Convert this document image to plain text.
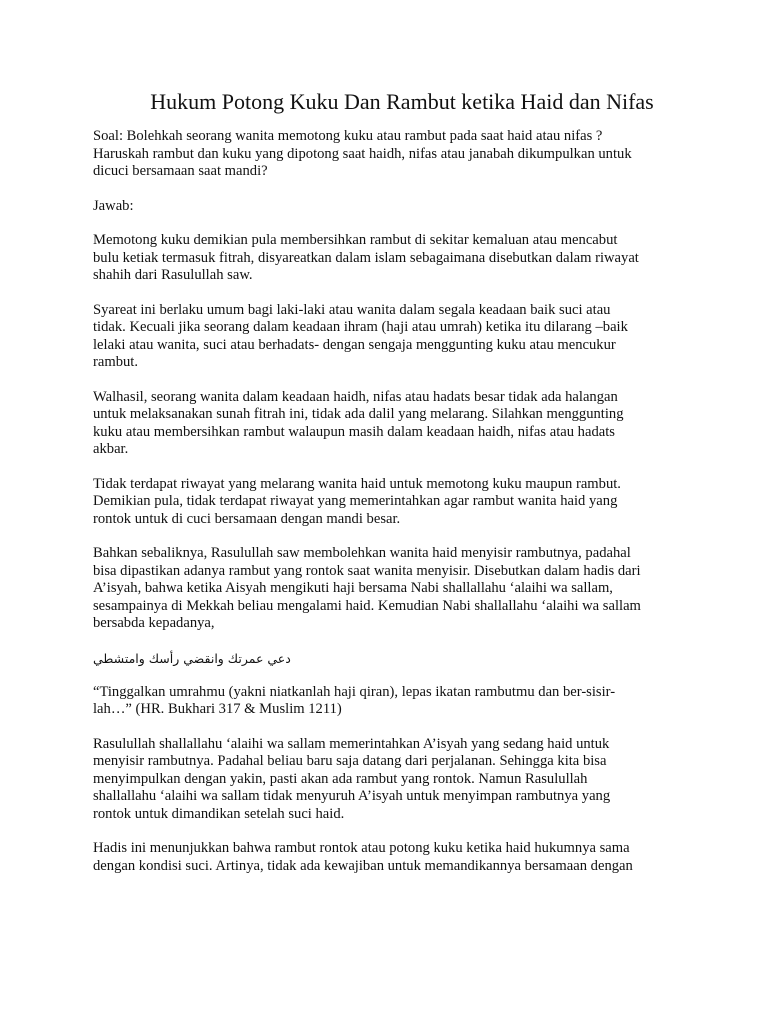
Hukum Potong Kuku Dan Rambut ketika Haid dan Nifas
Soal: Bolehkah seorang wanita memotong kuku atau rambut pada saat haid atau nifas ?
Haruskah rambut dan kuku yang dipotong saat haidh, nifas atau janabah dikumpulkan untuk
dicuci bersamaan saat mandi?
Jawab:
Memotong kuku demikian pula membersihkan rambut di sekitar kemaluan atau mencabut
bulu ketiak termasuk fitrah, disyareatkan dalam islam sebagaimana disebutkan dalam riwayat
shahih dari Rasulullah saw.
Syareat ini berlaku umum bagi laki-laki atau wanita dalam segala keadaan baik suci atau
tidak. Kecuali jika seorang dalam keadaan ihram (haji atau umrah) ketika itu dilarang –baik
lelaki atau wanita, suci atau berhadats- dengan sengaja menggunting kuku atau mencukur
rambut.
Walhasil, seorang wanita dalam keadaan haidh, nifas atau hadats besar tidak ada halangan
untuk melaksanakan sunah fitrah ini, tidak ada dalil yang melarang. Silahkan menggunting
kuku atau membersihkan rambut walaupun masih dalam keadaan haidh, nifas atau hadats
akbar.
Tidak terdapat riwayat yang melarang wanita haid untuk memotong kuku maupun rambut.
Demikian pula, tidak terdapat riwayat yang memerintahkan agar rambut wanita haid yang
rontok untuk di cuci bersamaan dengan mandi besar.
Bahkan sebaliknya, Rasulullah saw membolehkan wanita haid menyisir rambutnya, padahal
bisa dipastikan adanya rambut yang rontok saat wanita menyisir. Disebutkan dalam hadis dari
A’isyah, bahwa ketika Aisyah mengikuti haji bersama Nabi shallallahu ‘alaihi wa sallam,
sesampainya di Mekkah beliau mengalami haid. Kemudian Nabi shallallahu ‘alaihi wa sallam
bersabda kepadanya,
دعي عمرتك وانقضي رأسك وامتشطي
“Tinggalkan umrahmu (yakni niatkanlah haji qiran), lepas ikatan rambutmu dan ber-sisir-
lah…” (HR. Bukhari 317 & Muslim 1211)
Rasulullah shallallahu ‘alaihi wa sallam memerintahkan A’isyah yang sedang haid untuk
menyisir rambutnya. Padahal beliau baru saja datang dari perjalanan. Sehingga kita bisa
menyimpulkan dengan yakin, pasti akan ada rambut yang rontok. Namun Rasulullah
shallallahu ‘alaihi wa sallam tidak menyuruh A’isyah untuk menyimpan rambutnya yang
rontok untuk dimandikan setelah suci haid.
Hadis ini menunjukkan bahwa rambut rontok atau potong kuku ketika haid hukumnya sama
dengan kondisi suci. Artinya, tidak ada kewajiban untuk memandikannya bersamaan dengan
